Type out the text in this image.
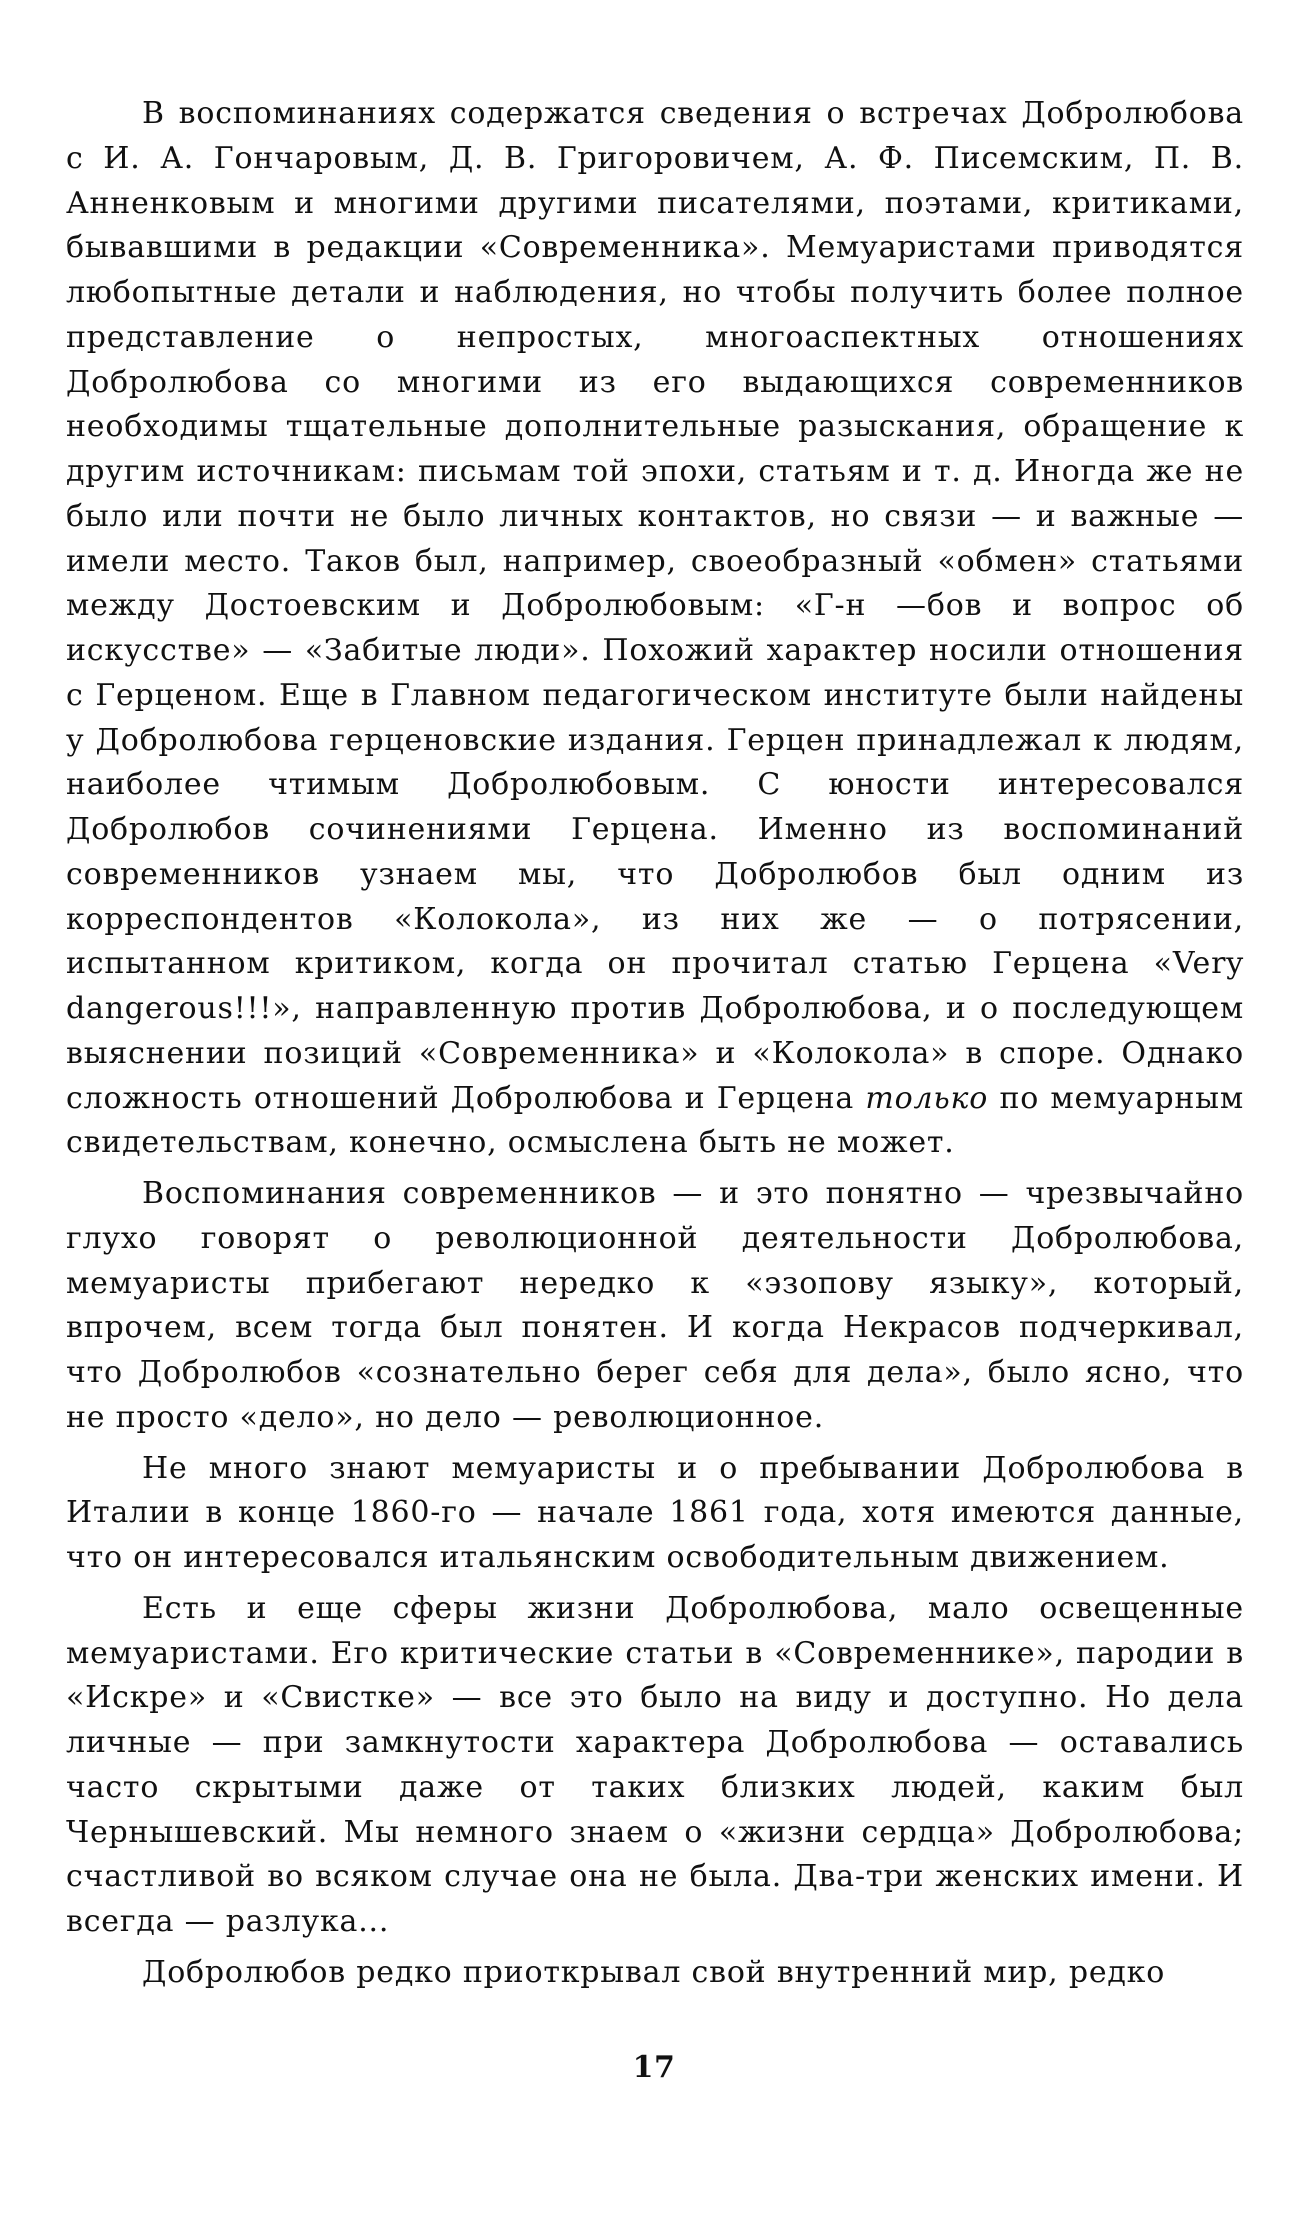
В воспоминаниях содержатся сведения о встречах Добролюбова с И. А. Гончаровым, Д. В. Григоровичем, А. Ф. Писемским, П. В. Анненковым и многими другими писателями, поэтами, критиками, бывавшими в редакции «Современника». Мемуаристами приводятся любопытные детали и наблюдения, но чтобы получить более полное представление о непростых, многоаспектных отношениях Добролюбова со многими из его выдающихся современников необходимы тщательные дополнительные разыскания, обращение к другим источникам: письмам той эпохи, статьям и т. д. Иногда же не было или почти не было личных контактов, но связи — и важные — имели место. Таков был, например, своеобразный «обмен» статьями между Достоевским и Добролюбовым: «Г-н —бов и вопрос об искусстве» — «Забитые люди». Похожий характер носили отношения с Герценом. Еще в Главном педагогическом институте были найдены у Добролюбова герценовские издания. Герцен принадлежал к людям, наиболее чтимым Добролюбовым. С юности интересовался Добролюбов сочинениями Герцена. Именно из воспоминаний современников узнаем мы, что Добролюбов был одним из корреспондентов «Колокола», из них же — о потрясении, испытанном критиком, когда он прочитал статью Герцена «Very dangerous!!!», направленную против Добролюбова, и о последующем выяснении позиций «Современника» и «Колокола» в споре. Однако сложность отношений Добролюбова и Герцена только по мемуарным свидетельствам, конечно, осмыслена быть не может.

Воспоминания современников — и это понятно — чрезвычайно глухо говорят о революционной деятельности Добролюбова, мемуаристы прибегают нередко к «эзопову языку», который, впрочем, всем тогда был понятен. И когда Некрасов подчеркивал, что Добролюбов «сознательно берег себя для дела», было ясно, что не просто «дело», но дело — революционное.

Не много знают мемуаристы и о пребывании Добролюбова в Италии в конце 1860-го — начале 1861 года, хотя имеются данные, что он интересовался итальянским освободительным движением.

Есть и еще сферы жизни Добролюбова, мало освещенные мемуаристами. Его критические статьи в «Современнике», пародии в «Искре» и «Свистке» — все это было на виду и доступно. Но дела личные — при замкнутости характера Добролюбова — оставались часто скрытыми даже от таких близких людей, каким был Чернышевский. Мы немного знаем о «жизни сердца» Добролюбова; счастливой во всяком случае она не была. Два-три женских имени. И всегда — разлука...

Добролюбов редко приоткрывал свой внутренний мир, редко

17
